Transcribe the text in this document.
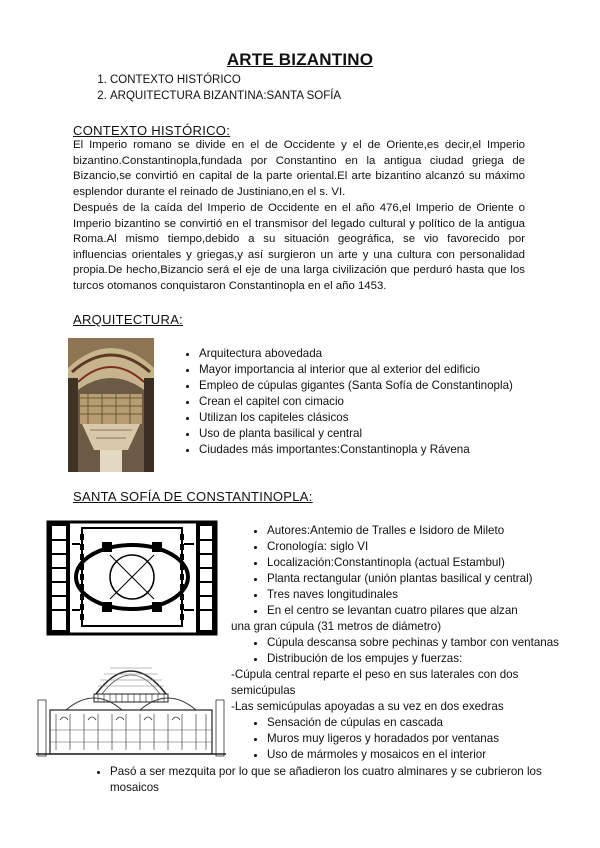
ARTE BIZANTINO
1. CONTEXTO HISTÓRICO
2. ARQUITECTURA BIZANTINA:SANTA SOFÍA
CONTEXTO HISTÓRICO:

El Imperio romano se divide en el de Occidente y el de Oriente,es decir,el Imperio bizantino.Constantinopla,fundada por Constantino en la antigua ciudad griega de Bizancio,se convirtió en capital de la parte oriental.El arte bizantino alcanzó su máximo esplendor durante el reinado de Justiniano,en el s. VI.

Después de la caída del Imperio de Occidente en el año 476,el Imperio de Oriente o Imperio bizantino se convirtió en el transmisor del legado cultural y político de la antigua Roma.Al mismo tiempo,debido a su situación geográfica, se vio favorecido por influencias orientales y griegas,y así surgieron un arte y una cultura con personalidad propia.De hecho,Bizancio será el eje de una larga civilización que perduró hasta que los turcos otomanos conquistaron Constantinopla en el año 1453.

ARQUITECTURA:
• Arquitectura abovedada
• Mayor importancia al interior que al exterior del edificio
• Empleo de cúpulas gigantes (Santa Sofía de Constantinopla)
• Crean el capitel con cimacio
• Utilizan los capiteles clásicos
• Uso de planta basilical y central
• Ciudades más importantes:Constantinopla y Rávena
SANTA SOFÍA DE CONSTANTINOPLA:
• Autores:Antemio de Tralles e Isidoro de Mileto
• Cronología: siglo VI
• Localización:Constantinopla (actual Estambul)
• Planta rectangular (unión plantas basilical y central)
• Tres naves longitudinales
• En el centro se levantan cuatro pilares que alzan
una gran cúpula (31 metros de diámetro)
• Cúpula descansa sobre pechinas y tambor con ventanas
• Distribución de los empujes y fuerzas:
-Cúpula central reparte el peso en sus laterales con dos
semicúpulas
-Las semicúpulas apoyadas a su vez en dos exedras
• Sensación de cúpulas en cascada
• Muros muy ligeros y horadados por ventanas
• Uso de mármoles y mosaicos en el interior
• Pasó a ser mezquita por lo que se añadieron los cuatro alminares y se cubrieron los mosaicos
